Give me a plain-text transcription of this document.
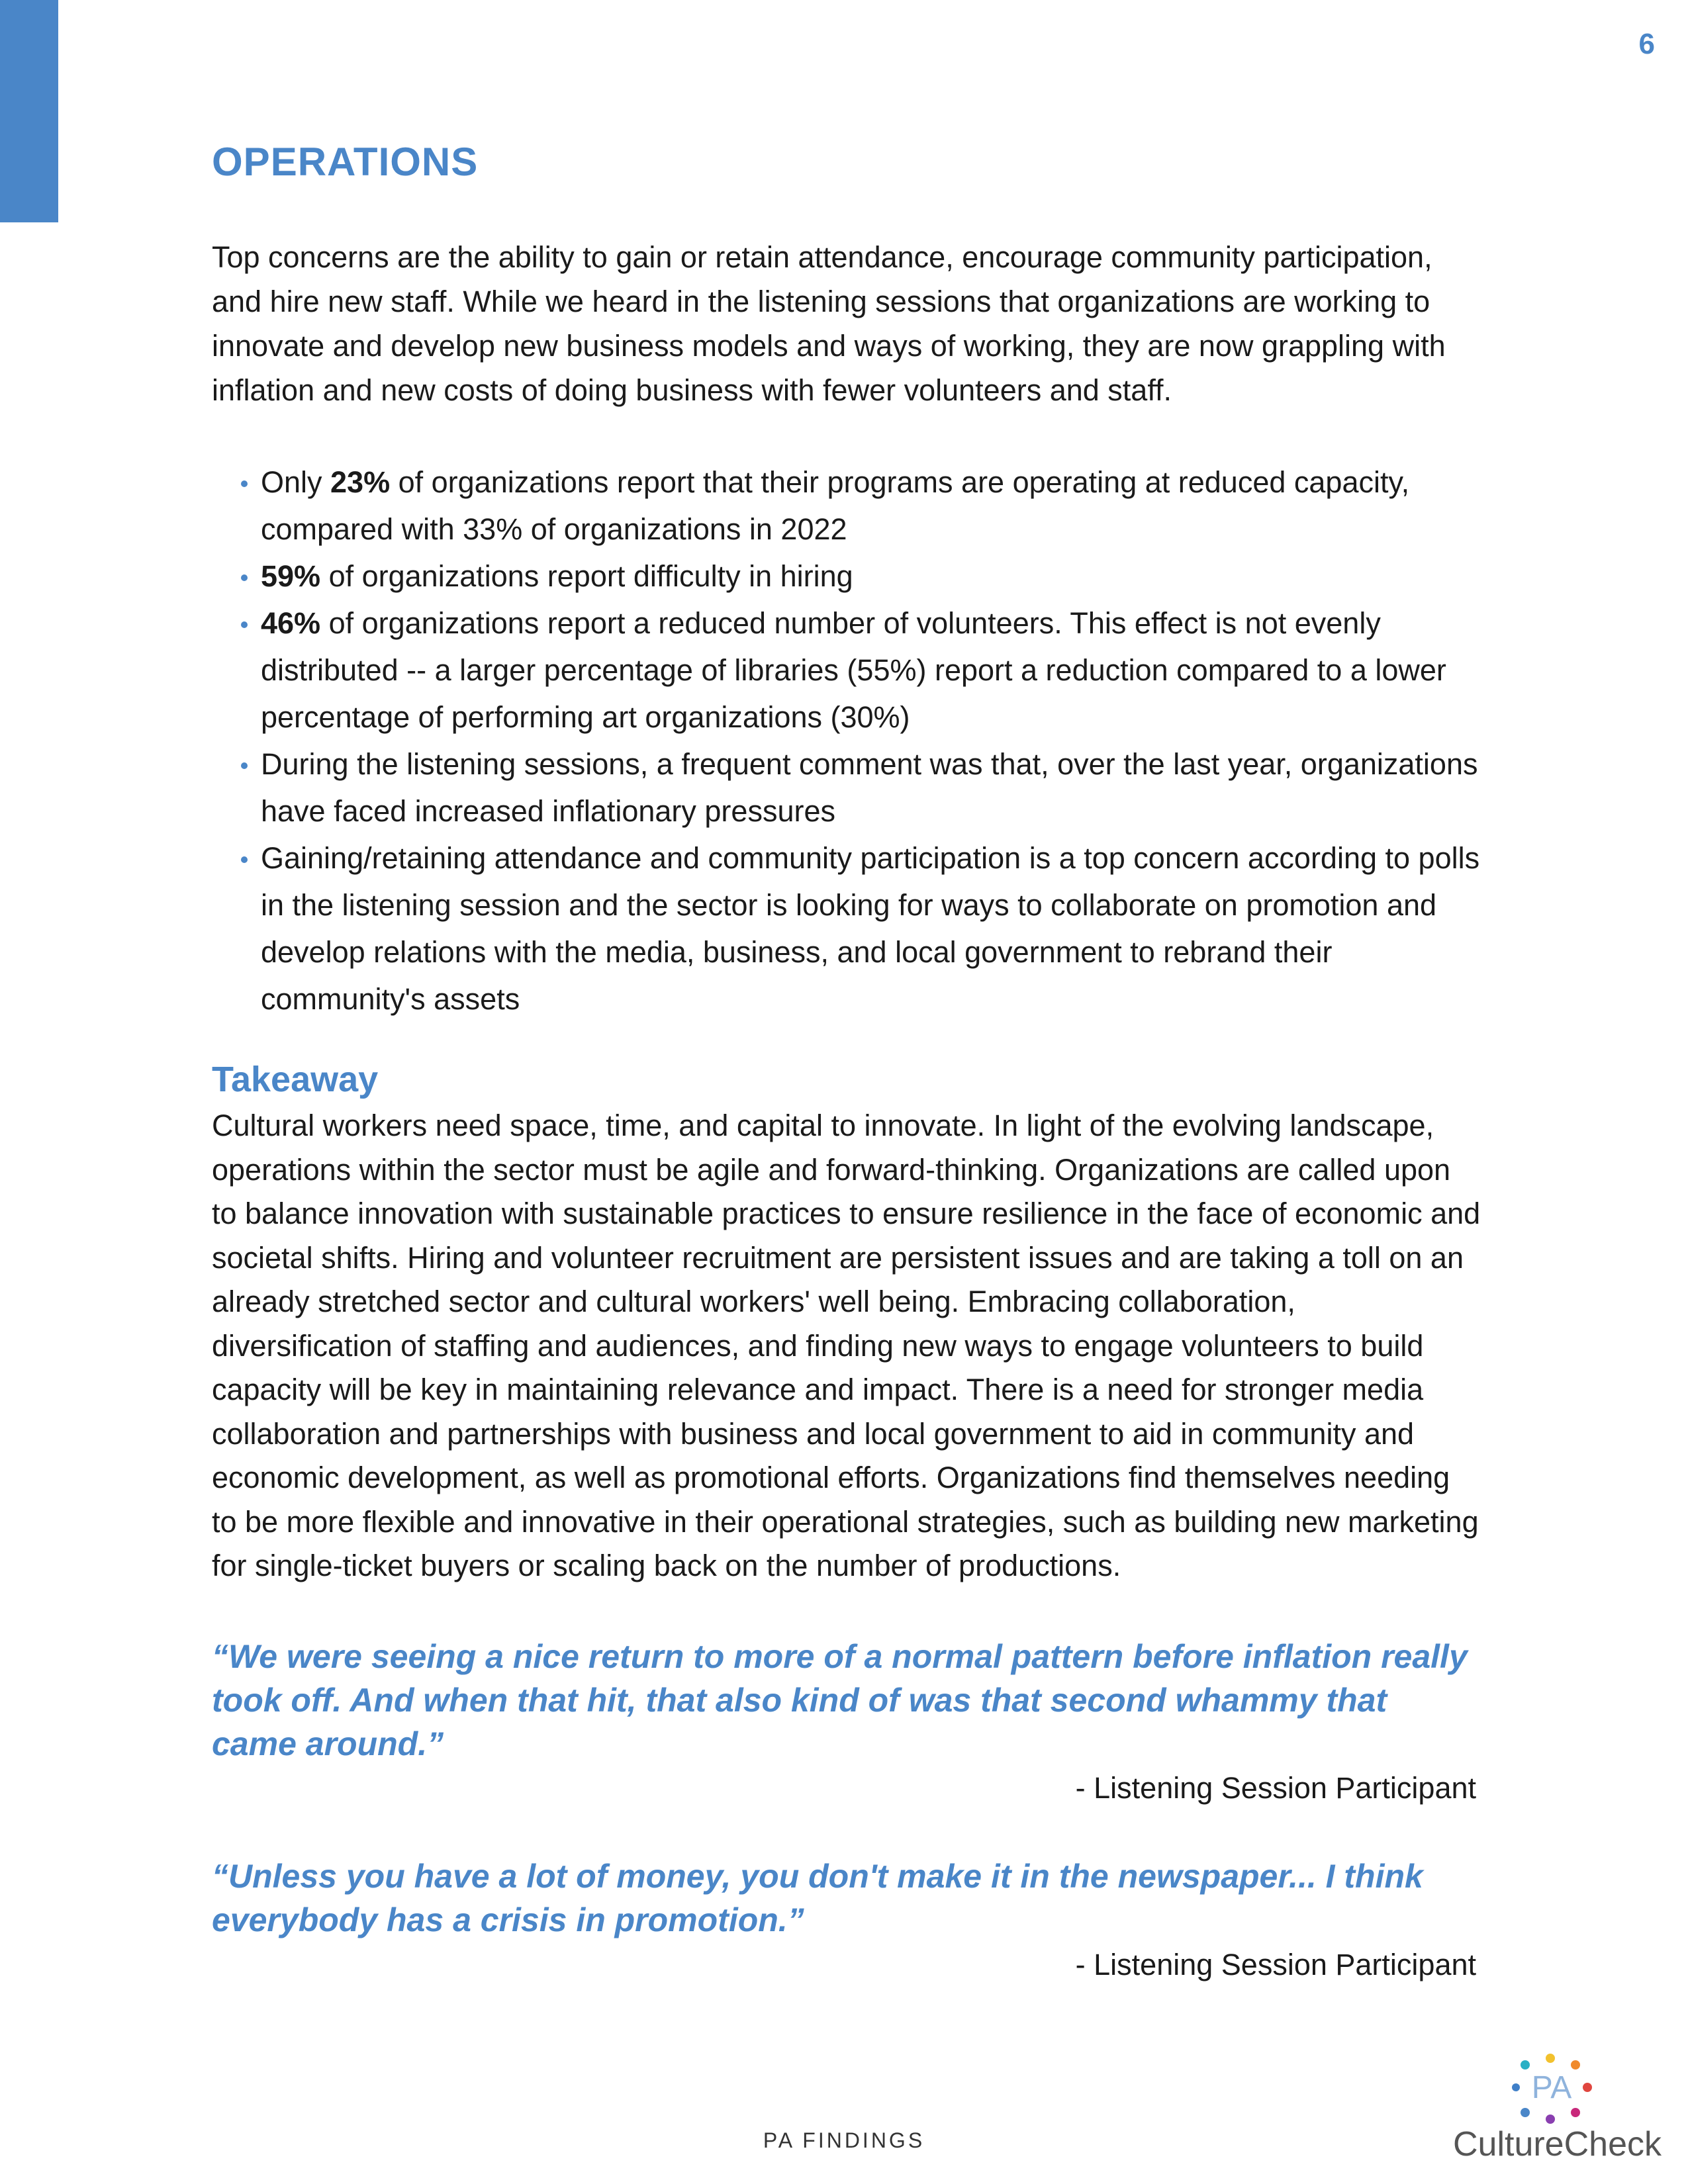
6
OPERATIONS

Top concerns are the ability to gain or retain attendance, encourage community participation, and hire new staff. While we heard in the listening sessions that organizations are working to innovate and develop new business models and ways of working, they are now grappling with inflation and new costs of doing business with fewer volunteers and staff.

Only 23% of organizations report that their programs are operating at reduced capacity, compared with 33% of organizations in 2022
59% of organizations report difficulty in hiring
46% of organizations report a reduced number of volunteers. This effect is not evenly distributed -- a larger percentage of libraries (55%) report a reduction compared to a lower percentage of performing art organizations (30%)
During the listening sessions, a frequent comment was that, over the last year, organizations have faced increased inflationary pressures
Gaining/retaining attendance and community participation is a top concern according to polls in the listening session and the sector is looking for ways to collaborate on promotion and develop relations with the media, business, and local government to rebrand their community's assets
Takeaway

Cultural workers need space, time, and capital to innovate. In light of the evolving landscape, operations within the sector must be agile and forward-thinking. Organizations are called upon to balance innovation with sustainable practices to ensure resilience in the face of economic and societal shifts. Hiring and volunteer recruitment are persistent issues and are taking a toll on an already stretched sector and cultural workers' well being. Embracing collaboration, diversification of staffing and audiences, and finding new ways to engage volunteers to build capacity will be key in maintaining relevance and impact. There is a need for stronger media collaboration and partnerships with business and local government to aid in community and economic development, as well as promotional efforts. Organizations find themselves needing to be more flexible and innovative in their operational strategies, such as building new marketing for single-ticket buyers or scaling back on the number of productions.

“We were seeing a nice return to more of a normal pattern before inflation really took off. And when that hit, that also kind of was that second whammy that came around.”

- Listening Session Participant

“Unless you have a lot of money, you don't make it in the newspaper... I think everybody has a crisis in promotion.”

- Listening Session Participant

PA FINDINGS
PA
CultureCheck
